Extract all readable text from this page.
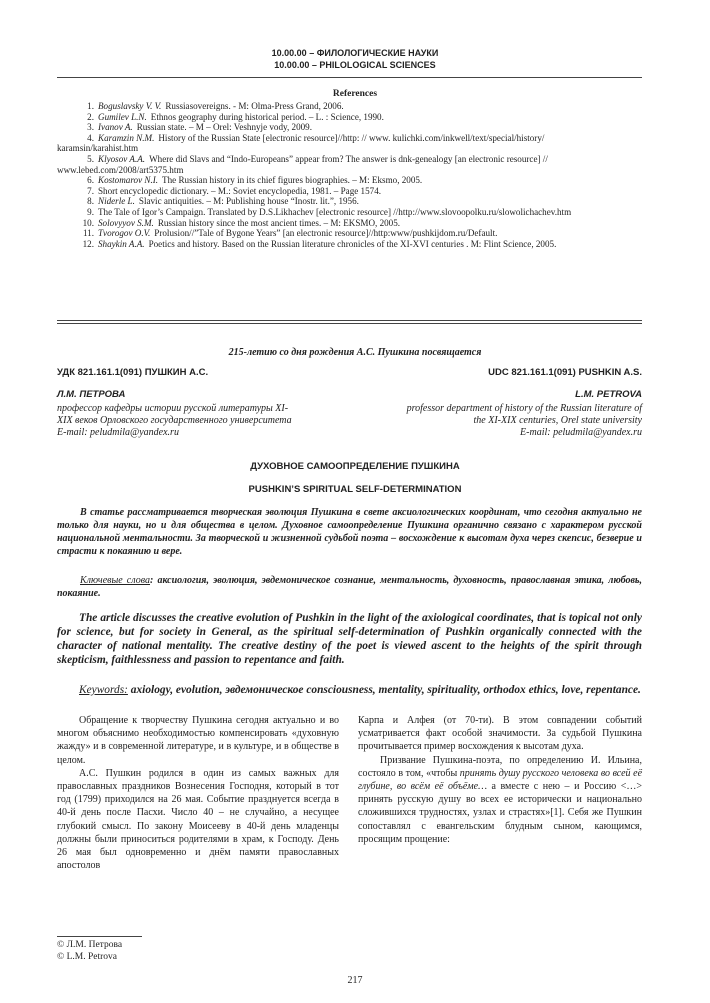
10.00.00 – ФИЛОЛОГИЧЕСКИЕ НАУКИ
10.00.00 – PHILOLOGICAL SCIENCES
References
1. Boguslavsky V. V. Russiasovereigns. - M: Olma-Press Grand, 2006.
2. Gumilev L.N. Ethnos geography during historical period. – L. : Science, 1990.
3. Ivanov A. Russian state. – M – Orel: Veshnyje vody, 2009.
4. Karamzin N.M. History of the Russian State [electronic resource]//http: // www. kulichki.com/inkwell/text/special/history/
karamsin/karahist.htm
5. Klyosov A.A. Where did Slavs and “Indo-Europeans” appear from? The answer is dnk-genealogy [an electronic resource] //
www.lebed.com/2008/art5375.htm
6. Kostomarov N.I. The Russian history in its chief figures biographies. – M: Eksmo, 2005.
7. Short encyclopedic dictionary. – M.: Soviet encyclopedia, 1981. – Page 1574.
8. Niderle L. Slavic antiquities. – M: Publishing house “Inostr. lit.”, 1956.
9. The Tale of Igor’s Campaign. Translated by D.S.Likhachev [electronic resource] //http://www.slovoopolku.ru/slowolichachev.htm
10. Solovyyov S.M. Russian history since the most ancient times. – M: EKSMO, 2005.
11. Tvorogov O.V. Prolusion//”Tale of Bygone Years” [an electronic resource]//http:www/pushkijdom.ru/Default.
12. Shaykin A.A. Poetics and history. Based on the Russian literature chronicles of the XI-XVI centuries . M: Flint Science, 2005.
215-летию со дня рождения А.С. Пушкина посвящается
УДК 821.161.1(091) ПУШКИН А.С.	UDC 821.161.1(091) PUSHKIN A.S.
Л.М. ПЕТРОВА	L.M. PETROVA
профессор кафедры истории русской литературы XI-
XIX веков Орловского государственного университета
E-mail: peludmila@yandex.ru
professor department of history of the Russian literature of
the XI-XIX centuries, Orel state university
E-mail: peludmila@yandex.ru
ДУХОВНОЕ САМООПРЕДЕЛЕНИЕ ПУШКИНА
PUSHKIN’S SPIRITUAL SELF-DETERMINATION
В статье рассматривается творческая эволюция Пушкина в свете аксиологических координат, что сегодня актуально не только для науки, но и для общества в целом. Духовное самоопределение Пушкина органично связано с характером русской национальной ментальности. За творческой и жизненной судьбой поэта – восхождение к высотам духа через скепсис, безверие и страсти к покаянию и вере.
Ключевые слова: аксиология, эволюция, эвдемоническое сознание, ментальность, духовность, православная этика, любовь, покаяние.
The article discusses the creative evolution of Pushkin in the light of the axiological coordinates, that is topical not only for science, but for society in General, as the spiritual self-determination of Pushkin organically connected with the character of national mentality. The creative destiny of the poet is viewed ascent to the heights of the spirit through skepticism, faithlessness and passion to repentance and faith.
Keywords: axiology, evolution, эвдемоническое consciousness, mentality, spirituality, orthodox ethics, love, repentance.

Обращение к творчеству Пушкина сегодня актуально и во многом объяснимо необходимостью компенсировать «духовную жажду» и в современной литературе, и в культуре, и в обществе в целом.

А.С. Пушкин родился в один из самых важных для православных праздников Вознесения Господня, который в тот год (1799) приходился на 26 мая. Событие празднуется всегда в 40-й день после Пасхи. Число 40 – не случайно, а несущее глубокий смысл. По закону Моисееву в 40-й день младенцы должны были приноситься родителями в храм, к Господу. День 26 мая был одновременно и днём памяти православных апостолов

Карпа и Алфея (от 70-ти). В этом совпадении событий усматривается факт особой значимости. За судьбой Пушкина прочитывается пример восхождения к высотам духа.

Призвание Пушкина-поэта, по определению И. Ильина, состояло в том, «чтобы принять душу русского человека во всей её глубине, во всём её объёме… а вместе с нею – и Россию <…> принять русскую душу во всех ее исторически и национально сложившихся трудностях, узлах и страстях»[1]. Себя же Пушкин сопоставлял с евангельским блудным сыном, кающимся, просящим прощение:

© Л.М. Петрова
© L.M. Petrova
217
